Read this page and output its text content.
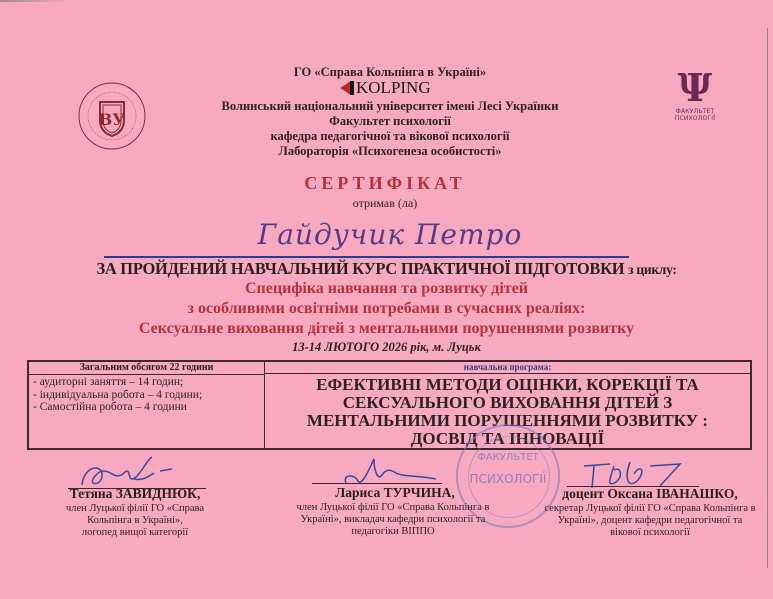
ВУ
Ψ
ФАКУЛЬТЕТ
ПСИХОЛОГІЇ
ГО «Справа Кольпінга в Україні»
KOLPING
Волинський національний університет імені Лесі Українки
Факультет психології
кафедра педагогічної та вікової психології
Лабораторія «Психогенеза особистості»
СЕРТИФІКАТ
отримав (ла)
Гайдучик Петро
ЗА ПРОЙДЕНИЙ НАВЧАЛЬНИЙ КУРС ПРАКТИЧНОЇ ПІДГОТОВКИ з циклу:
Специфіка навчання та розвитку дітей
з особливими освітніми потребами в сучасних реаліях:
Сексуальне виховання дітей з ментальними порушеннями розвитку
13-14 ЛЮТОГО 2026 рік, м. Луцьк
Загальним обсягом 22 години
- аудиторні заняття – 14 годин;
- індивідуальна робота – 4 години;
- Самостійна робота – 4 години
навчальна програма:
ЕФЕКТИВНІ МЕТОДИ ОЦІНКИ, КОРЕКЦІЇ ТА
СЕКСУАЛЬНОГО ВИХОВАННЯ ДІТЕЙ З
МЕНТАЛЬНИМИ ПОРУШЕННЯМИ РОЗВИТКУ :
ДОСВІД ТА ІННОВАЦІЇ
ФАКУЛЬТЕТ
ПСИХОЛОГІЇ
Тетяна ЗАВИДНЮК,
член Луцької філії ГО «Справа
Кольпінга в Україні»,
логопед вищої категорії
Лариса ТУРЧИНА,
член Луцької філії ГО «Справа Кольпінга в
Україні», викладач кафедри психології та
педагогіки ВІППО
доцент Оксана ІВАНАШКО,
секретар Луцької філії ГО «Справа Кольпінга в
Україні», доцент кафедри педагогічної та
вікової психології
